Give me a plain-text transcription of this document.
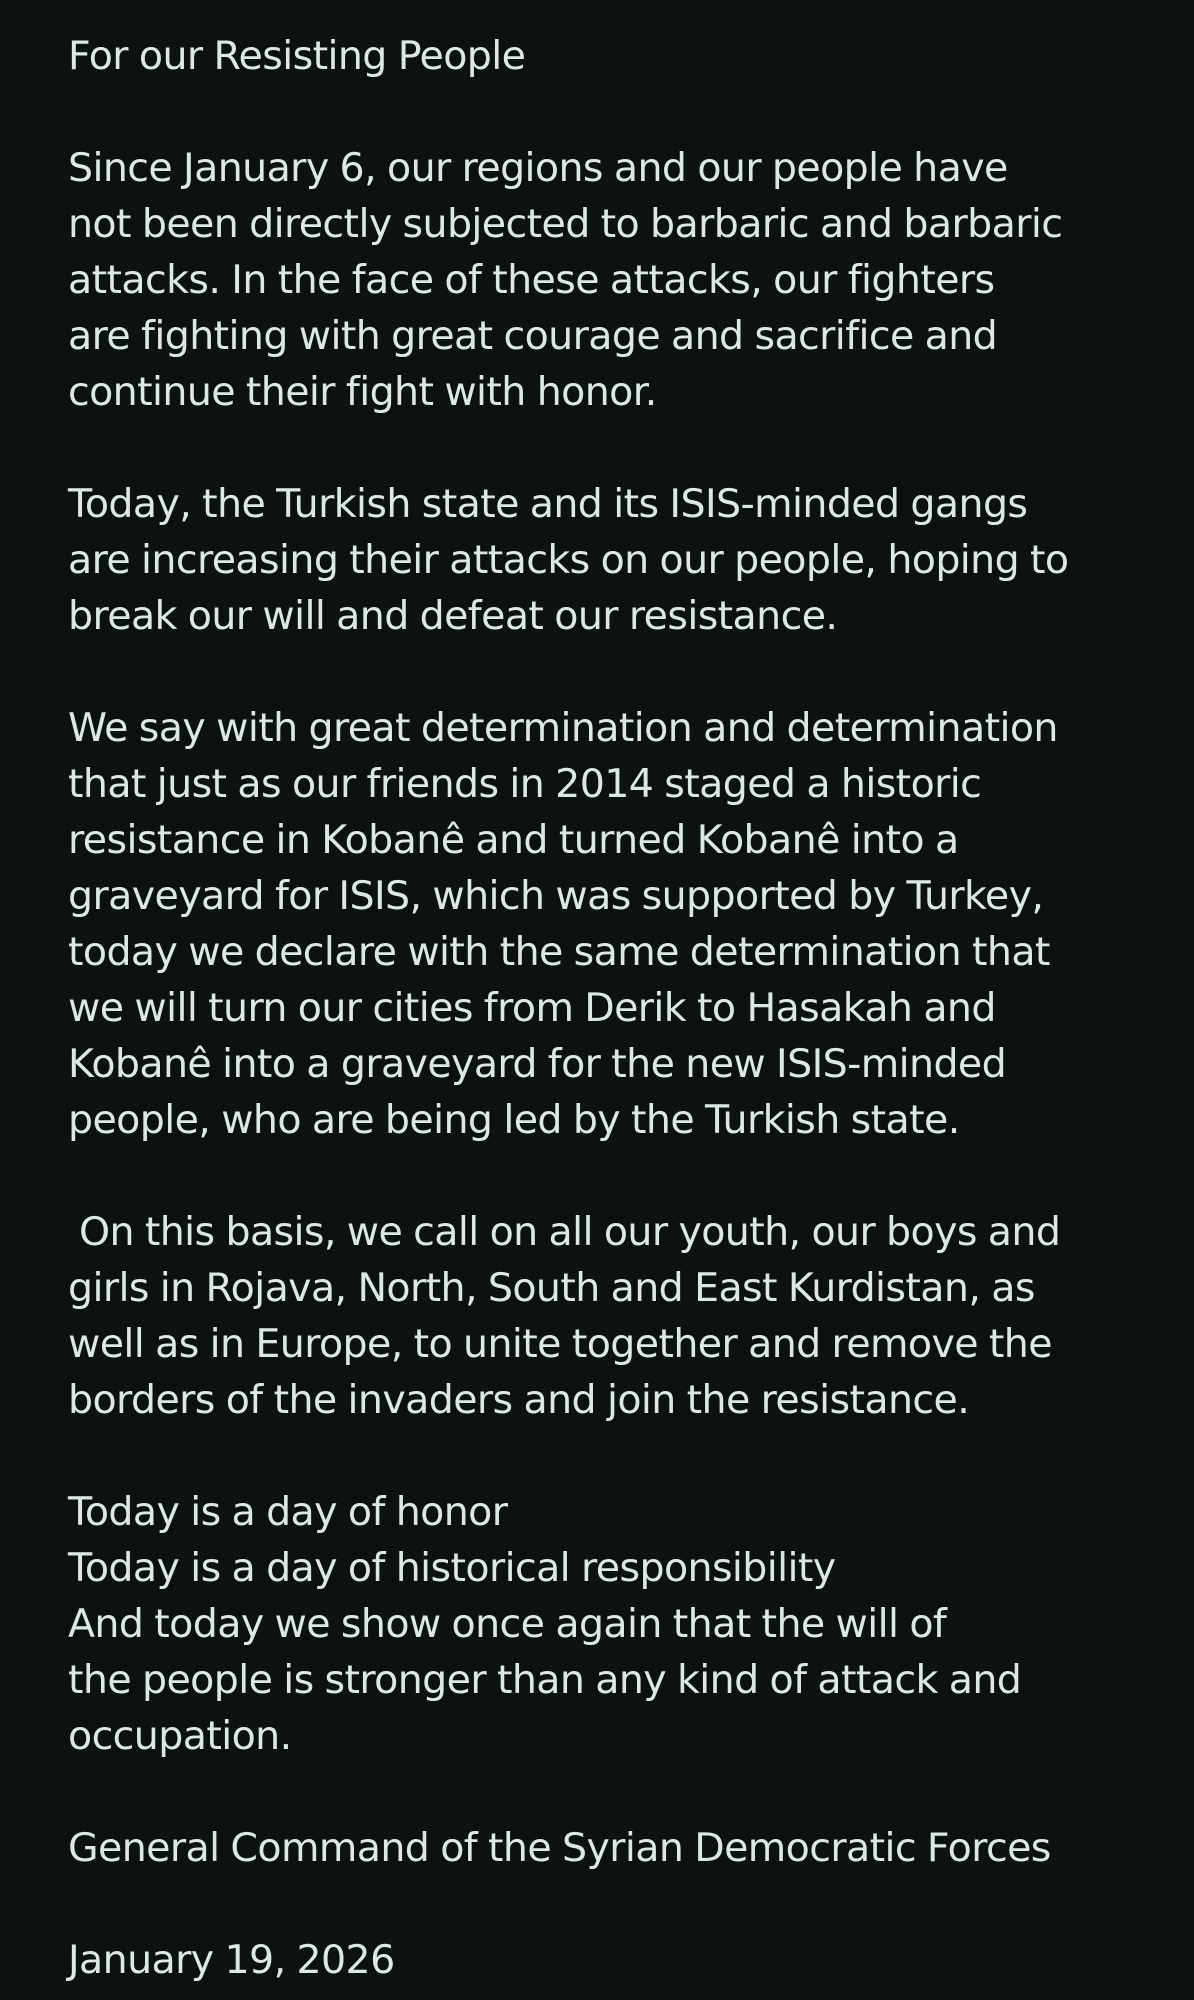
For our Resisting People
Since January 6, our regions and our people have
not been directly subjected to barbaric and barbaric
attacks. In the face of these attacks, our fighters
are fighting with great courage and sacrifice and
continue their fight with honor.
Today, the Turkish state and its ISIS-minded gangs
are increasing their attacks on our people, hoping to
break our will and defeat our resistance.
We say with great determination and determination
that just as our friends in 2014 staged a historic
resistance in Kobanê and turned Kobanê into a
graveyard for ISIS, which was supported by Turkey,
today we declare with the same determination that
we will turn our cities from Derik to Hasakah and
Kobanê into a graveyard for the new ISIS-minded
people, who are being led by the Turkish state.
On this basis, we call on all our youth, our boys and
girls in Rojava, North, South and East Kurdistan, as
well as in Europe, to unite together and remove the
borders of the invaders and join the resistance.
Today is a day of honor
Today is a day of historical responsibility
And today we show once again that the will of
the people is stronger than any kind of attack and
occupation.
General Command of the Syrian Democratic Forces
January 19, 2026
